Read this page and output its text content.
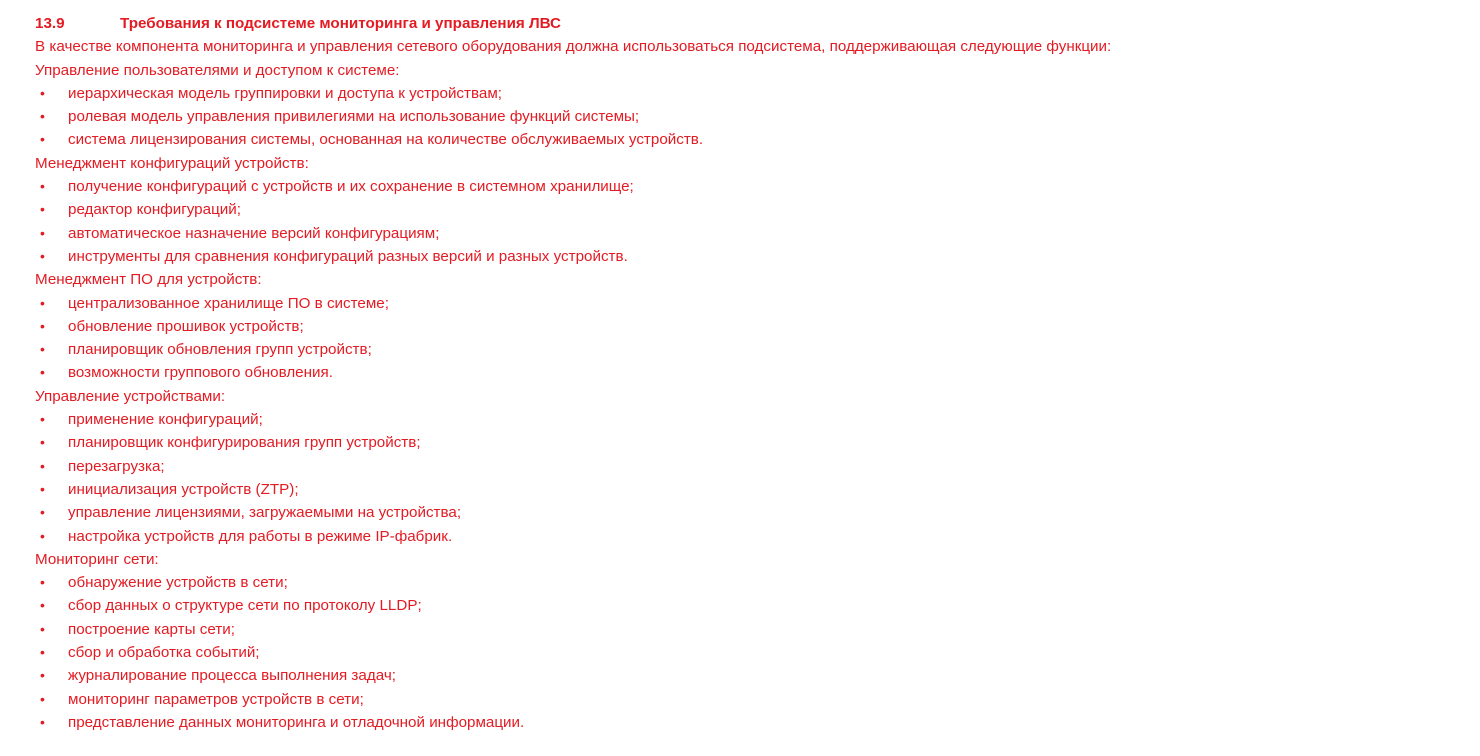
13.9	Требования к подсистеме мониторинга и управления ЛВС
В качестве компонента мониторинга и управления сетевого оборудования должна использоваться подсистема, поддерживающая следующие функции:
Управление пользователями и доступом к системе:
•	иерархическая модель группировки и доступа к устройствам;
•	ролевая модель управления привилегиями на использование функций системы;
•	система лицензирования системы, основанная на количестве обслуживаемых устройств.
Менеджмент конфигураций устройств:
•	получение конфигураций с устройств и их сохранение в системном хранилище;
•	редактор конфигураций;
•	автоматическое назначение версий конфигурациям;
•	инструменты для сравнения конфигураций разных версий и разных устройств.
Менеджмент ПО для устройств:
•	централизованное хранилище ПО в системе;
•	обновление прошивок устройств;
•	планировщик обновления групп устройств;
•	возможности группового обновления.
Управление устройствами:
•	применение конфигураций;
•	планировщик конфигурирования групп устройств;
•	перезагрузка;
•	инициализация устройств (ZTP);
•	управление лицензиями, загружаемыми на устройства;
•	настройка устройств для работы в режиме IP-фабрик.
Мониторинг сети:
•	обнаружение устройств в сети;
•	сбор данных о структуре сети по протоколу LLDP;
•	построение карты сети;
•	сбор и обработка событий;
•	журналирование процесса выполнения задач;
•	мониторинг параметров устройств в сети;
•	представление данных мониторинга и отладочной информации.
